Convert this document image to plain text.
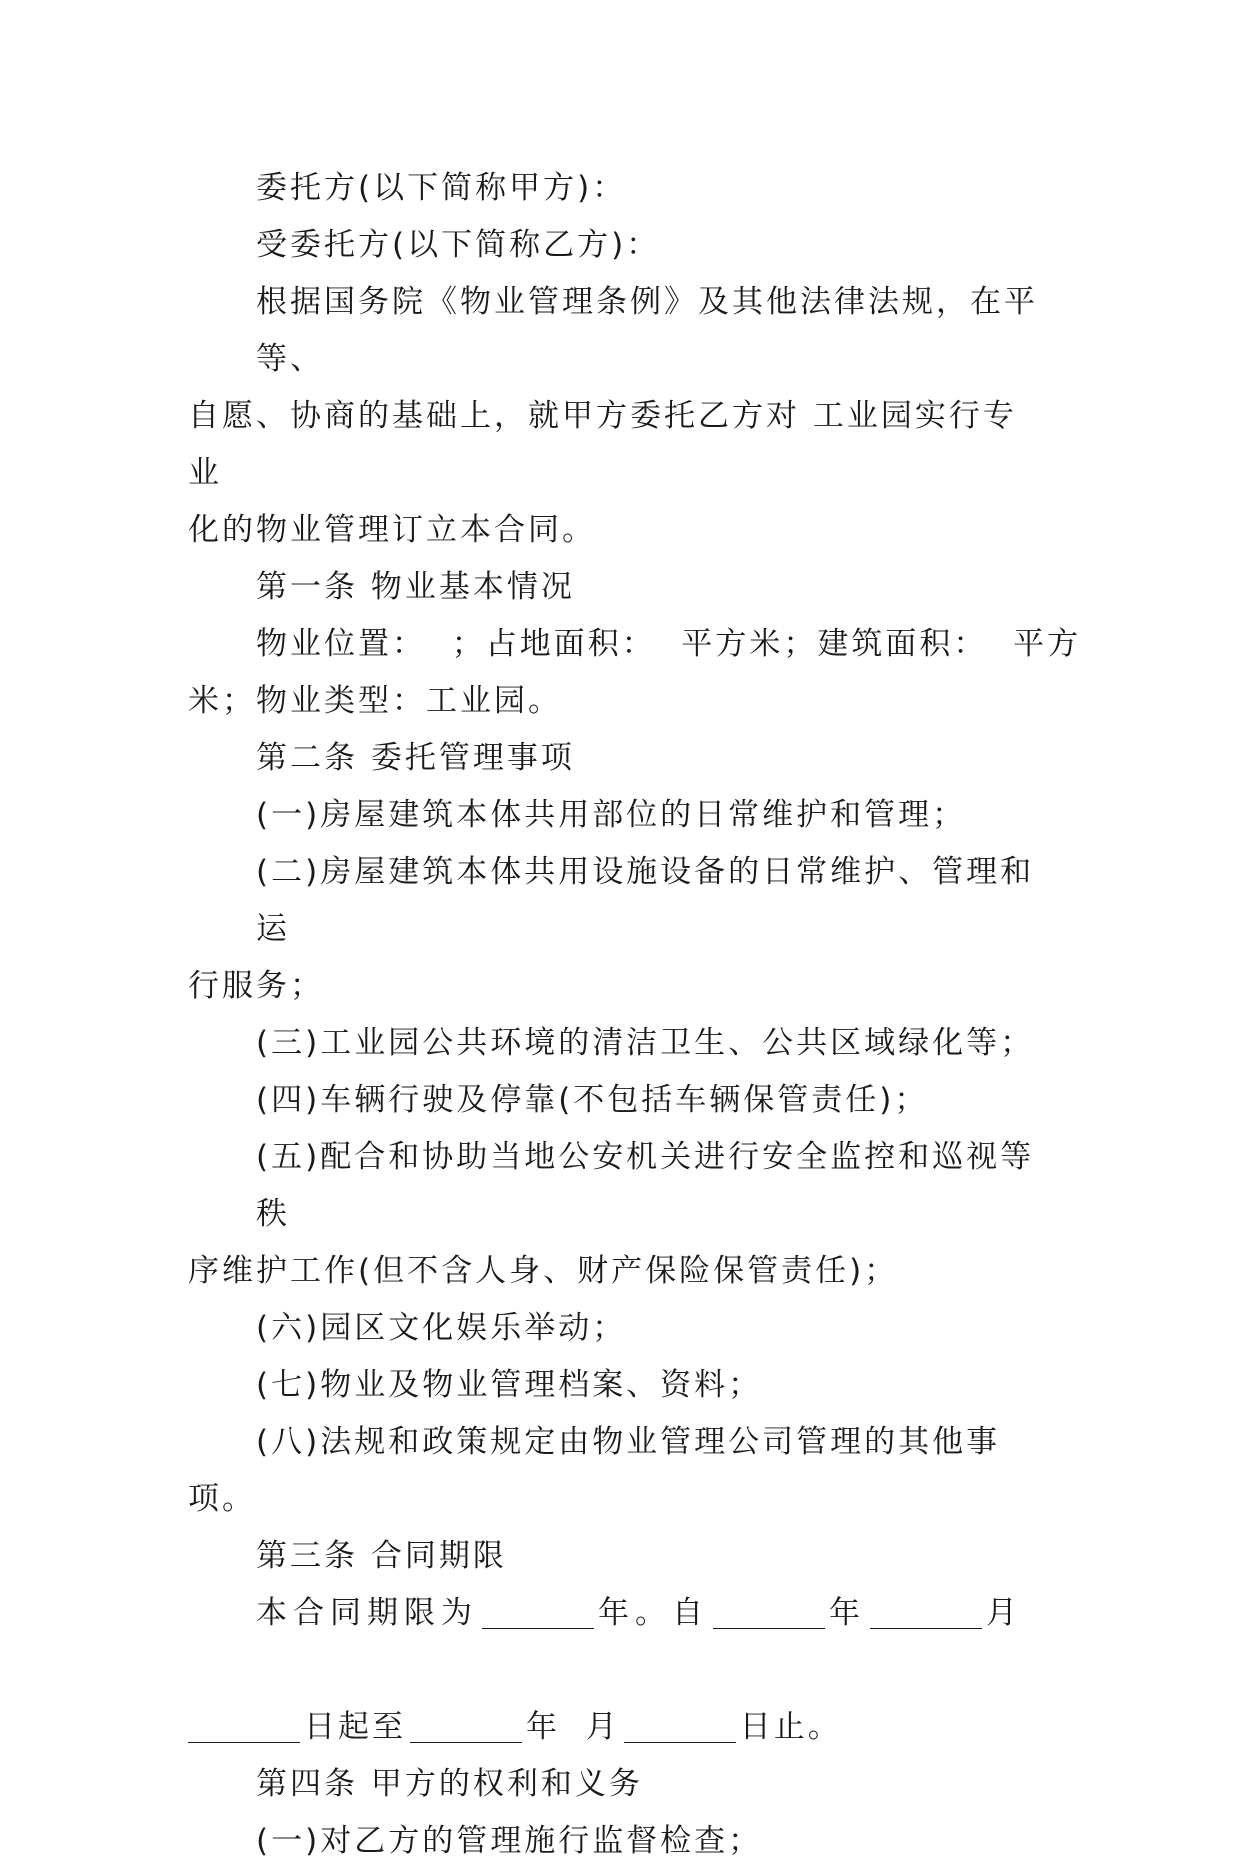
委托方(以下简称甲方)：

受委托方(以下简称乙方)：

根据国务院《物业管理条例》及其他法律法规，在平等、
自愿、协商的基础上，就甲方委托乙方对 工业园实行专业
化的物业管理订立本合同。

第一条 物业基本情况

物业位置：  ；占地面积：  平方米；建筑面积：  平方
米；物业类型：工业园。

第二条 委托管理事项

(一)房屋建筑本体共用部位的日常维护和管理；

(二)房屋建筑本体共用设施设备的日常维护、管理和运
行服务；

(三)工业园公共环境的清洁卫生、公共区域绿化等；

(四)车辆行驶及停靠(不包括车辆保管责任)；

(五)配合和协助当地公安机关进行安全监控和巡视等秩
序维护工作(但不含人身、财产保险保管责任)；

(六)园区文化娱乐举动；

(七)物业及物业管理档案、资料；

(八)法规和政策规定由物业管理公司管理的其他事项。

第三条 合同期限

本合同期限为	年。自	年	月

日起至	年  月	日止。

第四条 甲方的权利和义务

(一)对乙方的管理施行监督检查；
